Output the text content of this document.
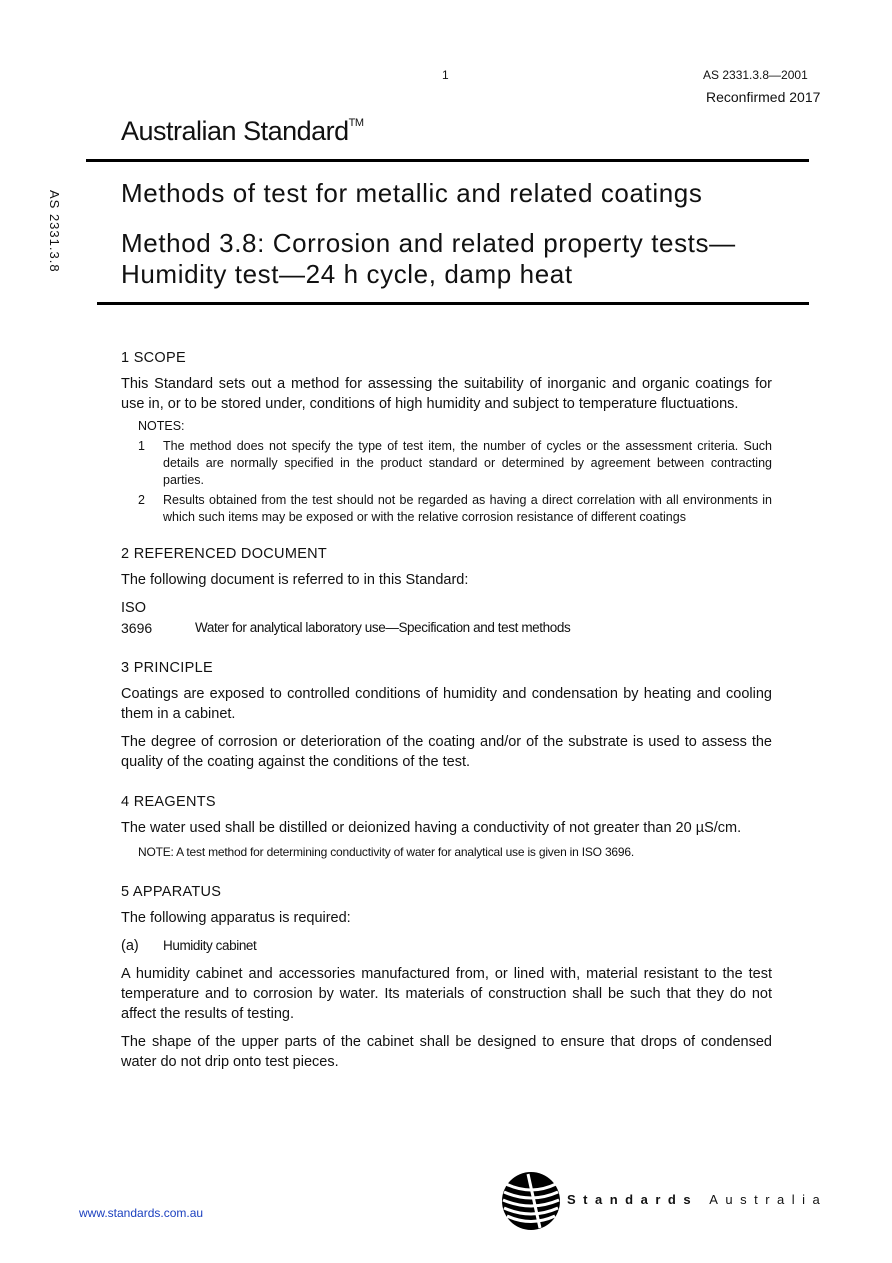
1	AS 2331.3.8—2001
Reconfirmed 2017
Australian Standard™
AS 2331.3.8 Methods of test for metallic and related coatings
Method 3.8: Corrosion and related property tests—Humidity test—24 h cycle, damp heat
1 SCOPE

This Standard sets out a method for assessing the suitability of inorganic and organic coatings for use in, or to be stored under, conditions of high humidity and subject to temperature fluctuations.

NOTES:
1	The method does not specify the type of test item, the number of cycles or the assessment criteria. Such details are normally specified in the product standard or determined by agreement between contracting parties.
2	Results obtained from the test should not be regarded as having a direct correlation with all environments in which such items may be exposed or with the relative corrosion resistance of different coatings
2 REFERENCED DOCUMENT

The following document is referred to in this Standard:

ISO
3696	Water for analytical laboratory use—Specification and test methods
3 PRINCIPLE

Coatings are exposed to controlled conditions of humidity and condensation by heating and cooling them in a cabinet.

The degree of corrosion or deterioration of the coating and/or of the substrate is used to assess the quality of the coating against the conditions of the test.

4 REAGENTS

The water used shall be distilled or deionized having a conductivity of not greater than 20 µS/cm.

NOTE: A test method for determining conductivity of water for analytical use is given in ISO 3696.
5 APPARATUS

The following apparatus is required:

(a)	Humidity cabinet

A humidity cabinet and accessories manufactured from, or lined with, material resistant to the test temperature and to corrosion by water. Its materials of construction shall be such that they do not affect the results of testing.

The shape of the upper parts of the cabinet shall be designed to ensure that drops of condensed water do not drip onto test pieces.

www.standards.com.au
Standards Australia
